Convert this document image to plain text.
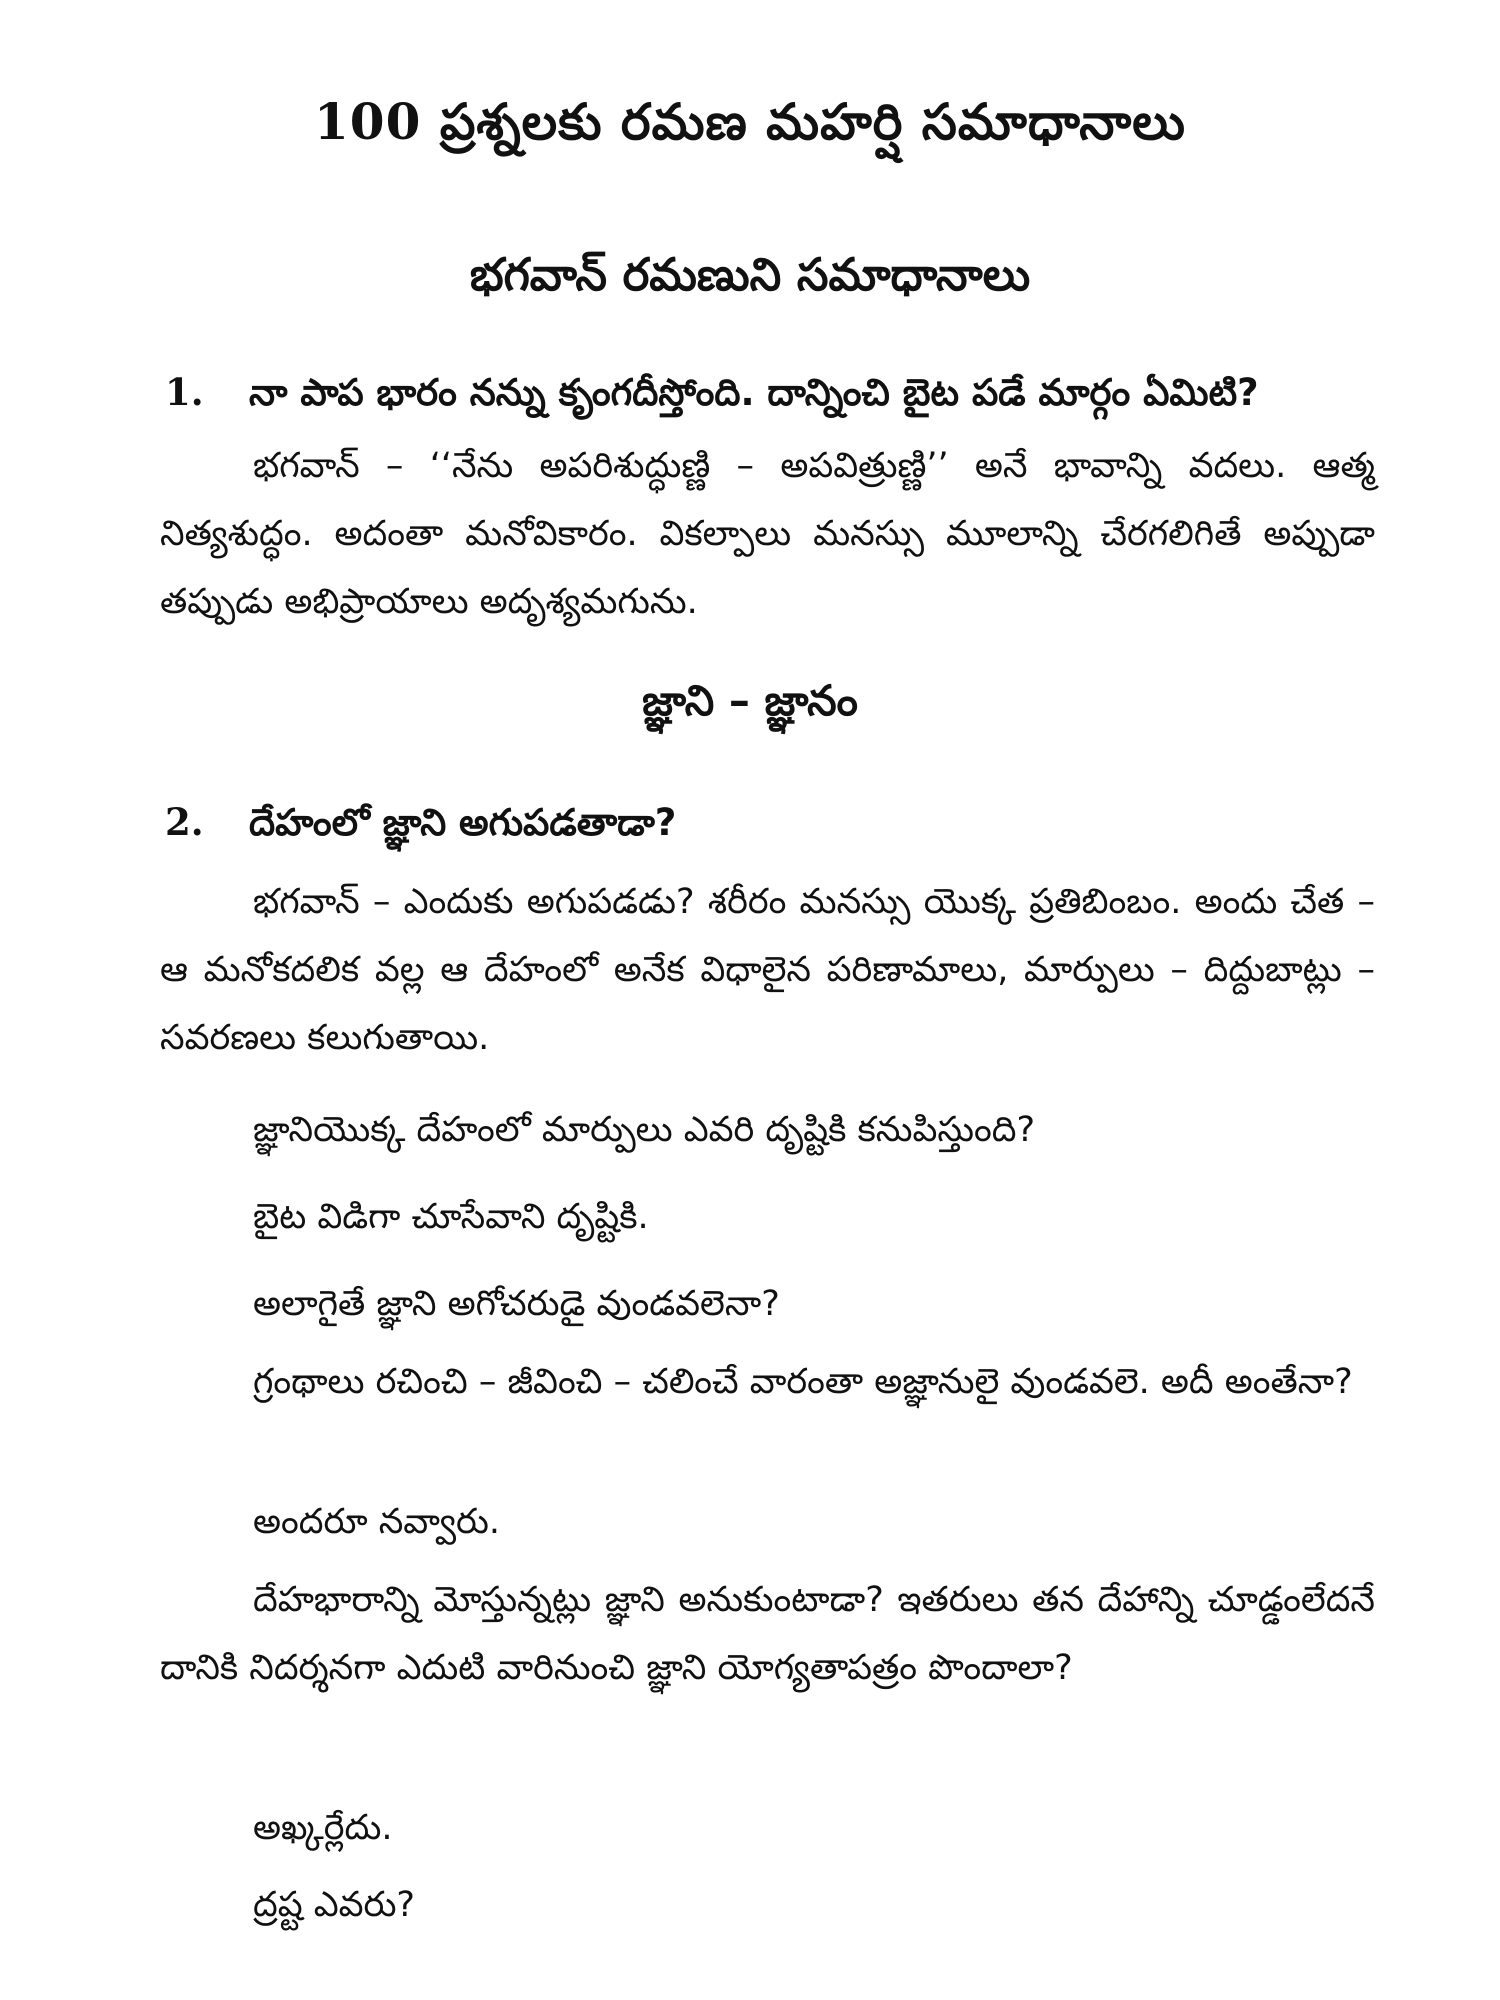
100 ప్రశ్నలకు రమణ మహర్షి సమాధానాలు
భగవాన్ రమణుని సమాధానాలు
1. నా పాప భారం నన్ను కృంగదీస్తోంది. దాన్నించి బైట పడే మార్గం ఏమిటి?
భగవాన్ – ‘‘నేను అపరిశుద్ధుణ్ణి – అపవిత్రుణ్ణి’’ అనే భావాన్ని వదలు. ఆత్మ నిత్యశుద్ధం. అదంతా మనోవికారం. వికల్పాలు మనస్సు మూలాన్ని చేరగలిగితే అప్పుడా తప్పుడు అభిప్రాయాలు అదృశ్యమగును.
జ్ఞాని – జ్ఞానం
2. దేహంలో జ్ఞాని అగుపడతాడా?
భగవాన్ – ఎందుకు అగుపడడు? శరీరం మనస్సు యొక్క ప్రతిబింబం. అందు చేత – ఆ మనోకదలిక వల్ల ఆ దేహంలో అనేక విధాలైన పరిణామాలు, మార్పులు – దిద్దుబాట్లు – సవరణలు కలుగుతాయి.
జ్ఞానియొక్క దేహంలో మార్పులు ఎవరి దృష్టికి కనుపిస్తుంది?
బైట విడిగా చూసేవాని దృష్టికి.
అలాగైతే జ్ఞాని అగోచరుడై వుండవలెనా?
గ్రంథాలు రచించి – జీవించి – చలించే వారంతా అజ్ఞానులై వుండవలె. అదీ అంతేనా?
అందరూ నవ్వారు.
దేహభారాన్ని మోస్తున్నట్లు జ్ఞాని అనుకుంటాడా? ఇతరులు తన దేహాన్ని చూడ్డంలేదనే దానికి నిదర్శనగా ఎదుటి వారినుంచి జ్ఞాని యోగ్యతాపత్రం పొందాలా?
అఖ్కర్లేదు.
ద్రష్ట ఎవరు?
